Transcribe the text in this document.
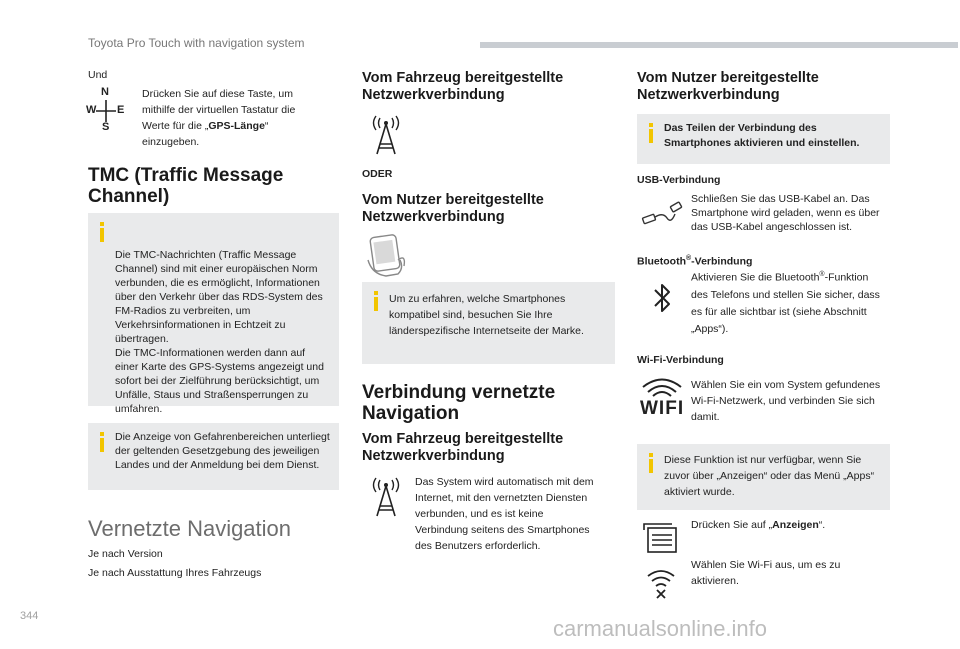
Toyota Pro Touch with navigation system
Und
N
W E
S
Drücken Sie auf diese Taste, um mithilfe der virtuellen Tastatur die Werte für die „GPS-Länge“ einzugeben.
TMC (Traffic Message Channel)

Die TMC-Nachrichten (Traffic Message Channel) sind mit einer europäischen Norm verbunden, die es ermöglicht, Informationen über den Verkehr über das RDS-System des FM-Radios zu verbreiten, um Verkehrsinformationen in Echtzeit zu übertragen.
Die TMC-Informationen werden dann auf einer Karte des GPS-Systems angezeigt und sofort bei der Zielführung berücksichtigt, um Unfälle, Staus und Straßensperrungen zu umfahren.

Die Anzeige von Gefahrenbereichen unterliegt der geltenden Gesetzgebung des jeweiligen Landes und der Anmeldung bei dem Dienst.
Vernetzte Navigation
Je nach Version
Je nach Ausstattung Ihres Fahrzeugs
Vom Fahrzeug bereitgestellte Netzwerkverbindung
ODER
Vom Nutzer bereitgestellte Netzwerkverbindung
Um zu erfahren, welche Smartphones kompatibel sind, besuchen Sie Ihre länderspezifische Internetseite der Marke.
Verbindung vernetzte Navigation
Vom Fahrzeug bereitgestellte Netzwerkverbindung
Das System wird automatisch mit dem Internet, mit den vernetzten Diensten verbunden, und es ist keine Verbindung seitens des Smartphones des Benutzers erforderlich.
Vom Nutzer bereitgestellte Netzwerkverbindung
Das Teilen der Verbindung des Smartphones aktivieren und einstellen.
USB-Verbindung
Schließen Sie das USB-Kabel an. Das Smartphone wird geladen, wenn es über das USB-Kabel angeschlossen ist.
Bluetooth®-Verbindung
Aktivieren Sie die Bluetooth®-Funktion des Telefons und stellen Sie sicher, dass es für alle sichtbar ist (siehe Abschnitt „Apps“).
Wi-Fi-Verbindung
WIFI
Wählen Sie ein vom System gefundenes Wi-Fi-Netzwerk, und verbinden Sie sich damit.
Diese Funktion ist nur verfügbar, wenn Sie zuvor über „Anzeigen“ oder das Menü „Apps“ aktiviert wurde.
Drücken Sie auf „Anzeigen“.
Wählen Sie Wi-Fi aus, um es zu aktivieren.
344	carmanualsonline.info
